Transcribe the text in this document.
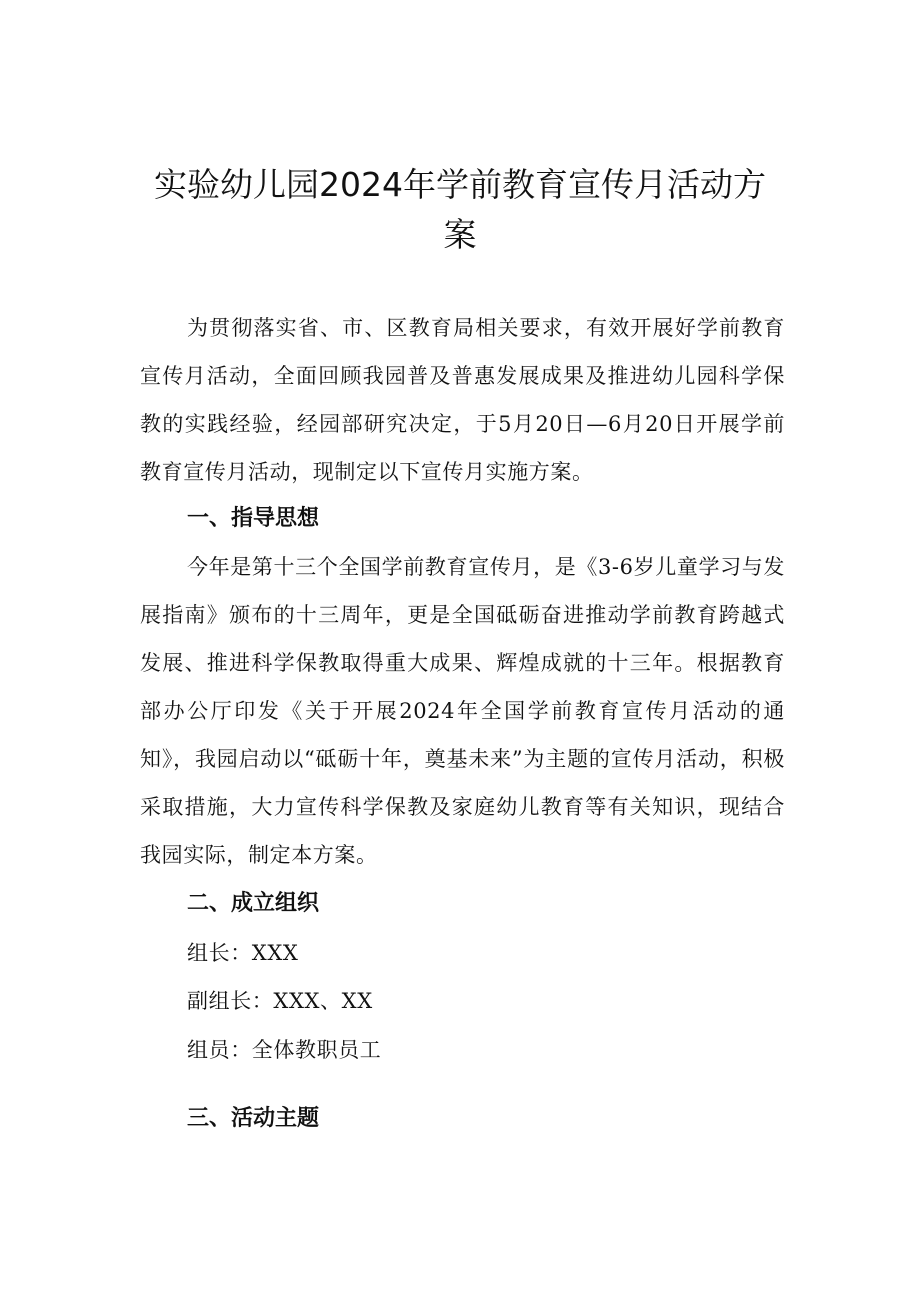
实验幼儿园2024年学前教育宣传月活动方案

为贯彻落实省、市、区教育局相关要求，有效开展好学前教育宣传月活动，全面回顾我园普及普惠发展成果及推进幼儿园科学保教的实践经验，经园部研究决定，于5月20日—6月20日开展学前教育宣传月活动，现制定以下宣传月实施方案。

一、指导思想

今年是第十三个全国学前教育宣传月，是《3-6岁儿童学习与发展指南》颁布的十三周年，更是全国砥砺奋进推动学前教育跨越式发展、推进科学保教取得重大成果、辉煌成就的十三年。根据教育部办公厅印发《关于开展2024年全国学前教育宣传月活动的通知》，我园启动以“砥砺十年，奠基未来”为主题的宣传月活动，积极采取措施，大力宣传科学保教及家庭幼儿教育等有关知识，现结合我园实际，制定本方案。

二、成立组织

组长：XXX

副组长：XXX、XX

组员：全体教职员工

三、活动主题
